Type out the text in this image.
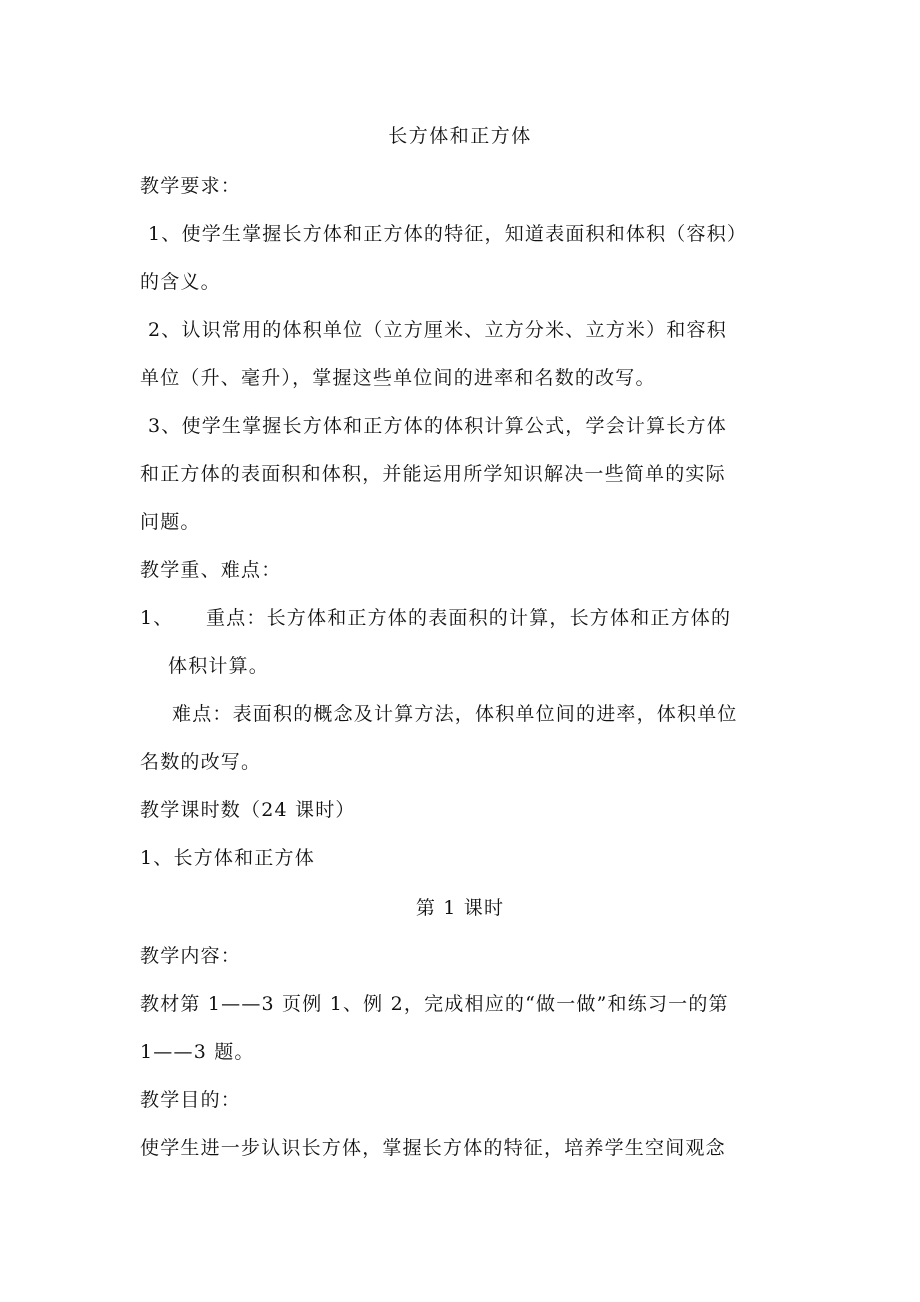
长方体和正方体
教学要求：
1、使学生掌握长方体和正方体的特征，知道表面积和体积（容积）
的含义。
2、认识常用的体积单位（立方厘米、立方分米、立方米）和容积
单位（升、毫升），掌握这些单位间的进率和名数的改写。
3、使学生掌握长方体和正方体的体积计算公式，学会计算长方体
和正方体的表面积和体积，并能运用所学知识解决一些简单的实际
问题。
教学重、难点：
1、 重点：长方体和正方体的表面积的计算，长方体和正方体的
体积计算。
难点：表面积的概念及计算方法，体积单位间的进率，体积单位
名数的改写。
教学课时数（24 课时）
1、长方体和正方体
第 1 课时
教学内容：
教材第 1——3 页例 1、例 2，完成相应的“做一做”和练习一的第
1——3 题。
教学目的：
使学生进一步认识长方体，掌握长方体的特征，培养学生空间观念
